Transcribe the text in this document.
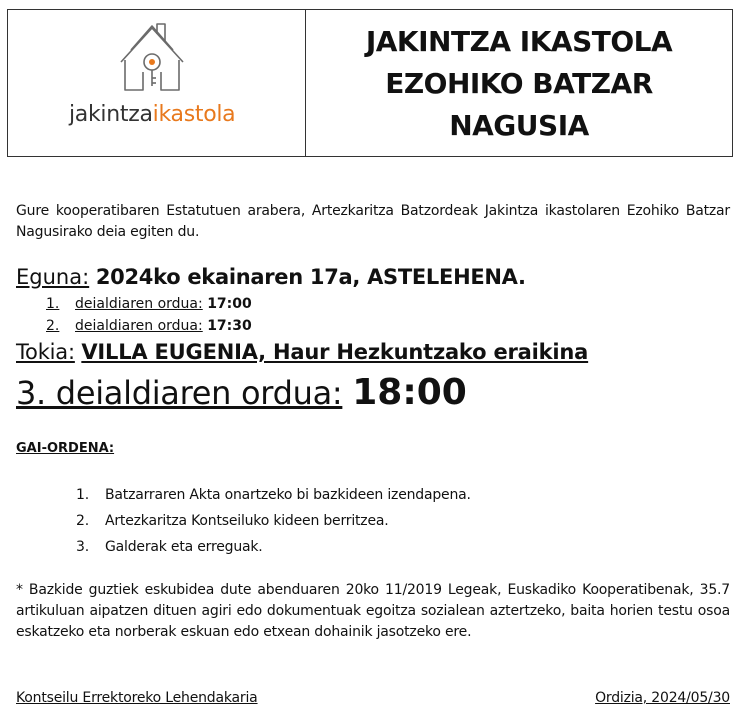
jakintzaikastola
JAKINTZA IKASTOLA
EZOHIKO BATZAR
NAGUSIA
Gure kooperatibaren Estatutuen arabera, Artezkaritza Batzordeak Jakintza ikastolaren Ezohiko Batzar Nagusirako deia egiten du.
Eguna: 2024ko ekainaren 17a, ASTELEHENA.
1. deialdiaren ordua: 17:00
2. deialdiaren ordua: 17:30
Tokia: VILLA EUGENIA, Haur Hezkuntzako eraikina
3. deialdiaren ordua: 18:00
GAI-ORDENA:
1. Batzarraren Akta onartzeko bi bazkideen izendapena.
2. Artezkaritza Kontseiluko kideen berritzea.
3. Galderak eta erreguak.
* Bazkide guztiek eskubidea dute abenduaren 20ko 11/2019 Legeak, Euskadiko Kooperatibenak, 35.7 artikuluan aipatzen dituen agiri edo dokumentuak egoitza sozialean aztertzeko, baita horien testu osoa eskatzeko eta norberak eskuan edo etxean dohainik jasotzeko ere.
Kontseilu Errektoreko Lehendakaria	Ordizia, 2024/05/30
